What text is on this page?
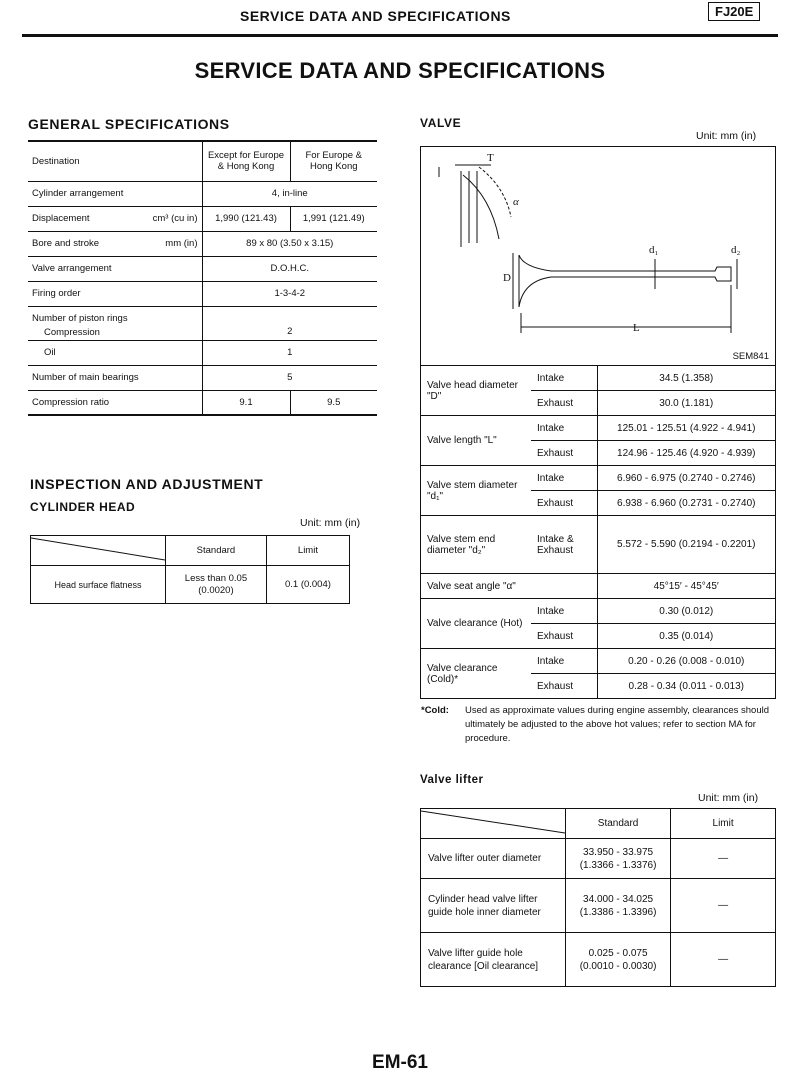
SERVICE DATA AND SPECIFICATIONS	FJ20E
SERVICE DATA AND SPECIFICATIONS
GENERAL SPECIFICATIONS
Destination	Except for Europe & Hong Kong	For Europe & Hong Kong
Cylinder arrangement	4, in-line	
Displacement cm³ (cu in)	1,990 (121.43)	1,991 (121.49)
Bore and stroke mm (in)	89 x 80 (3.50 x 3.15)	
Valve arrangement	D.O.H.C.	
Firing order	1-3-4-2	

Number of piston rings
Compression	2	
Oil	1	
Number of main bearings	5	
Compression ratio	9.1	9.5
INSPECTION AND ADJUSTMENT
CYLINDER HEAD
Unit: mm (in)
	Standard	Limit
Head surface flatness	Less than 0.05 (0.0020)	0.1 (0.004)
VALVE
Unit: mm (in)
T
α
D
d₁	d₂
L
SEM841
Valve head diameter "D"	Intake	34.5 (1.358)
	Exhaust	30.0 (1.181)
Valve length "L"	Intake	125.01 - 125.51 (4.922 - 4.941)
	Exhaust	124.96 - 125.46 (4.920 - 4.939)
Valve stem diameter "d₁"	Intake	6.960 - 6.975 (0.2740 - 0.2746)
	Exhaust	6.938 - 6.960 (0.2731 - 0.2740)
Valve stem end diameter "d₂"	Intake & Exhaust	5.572 - 5.590 (0.2194 - 0.2201)
Valve seat angle "α"		45°15′ - 45°45′
Valve clearance (Hot)	Intake	0.30 (0.012)
	Exhaust	0.35 (0.014)
Valve clearance (Cold)*	Intake	0.20 - 0.26 (0.008 - 0.010)
	Exhaust	0.28 - 0.34 (0.011 - 0.013)
*Cold:	Used as approximate values during engine assembly, clearances should ultimately be adjusted to the above hot values; refer to section MA for procedure.
Valve lifter
Unit: mm (in)
	Standard	Limit
Valve lifter outer diameter	33.950 - 33.975 (1.3366 - 1.3376)	—
Cylinder head valve lifter guide hole inner diameter	34.000 - 34.025 (1.3386 - 1.3396)	—
Valve lifter guide hole clearance [Oil clearance]	0.025 - 0.075 (0.0010 - 0.0030)	—
EM-61
